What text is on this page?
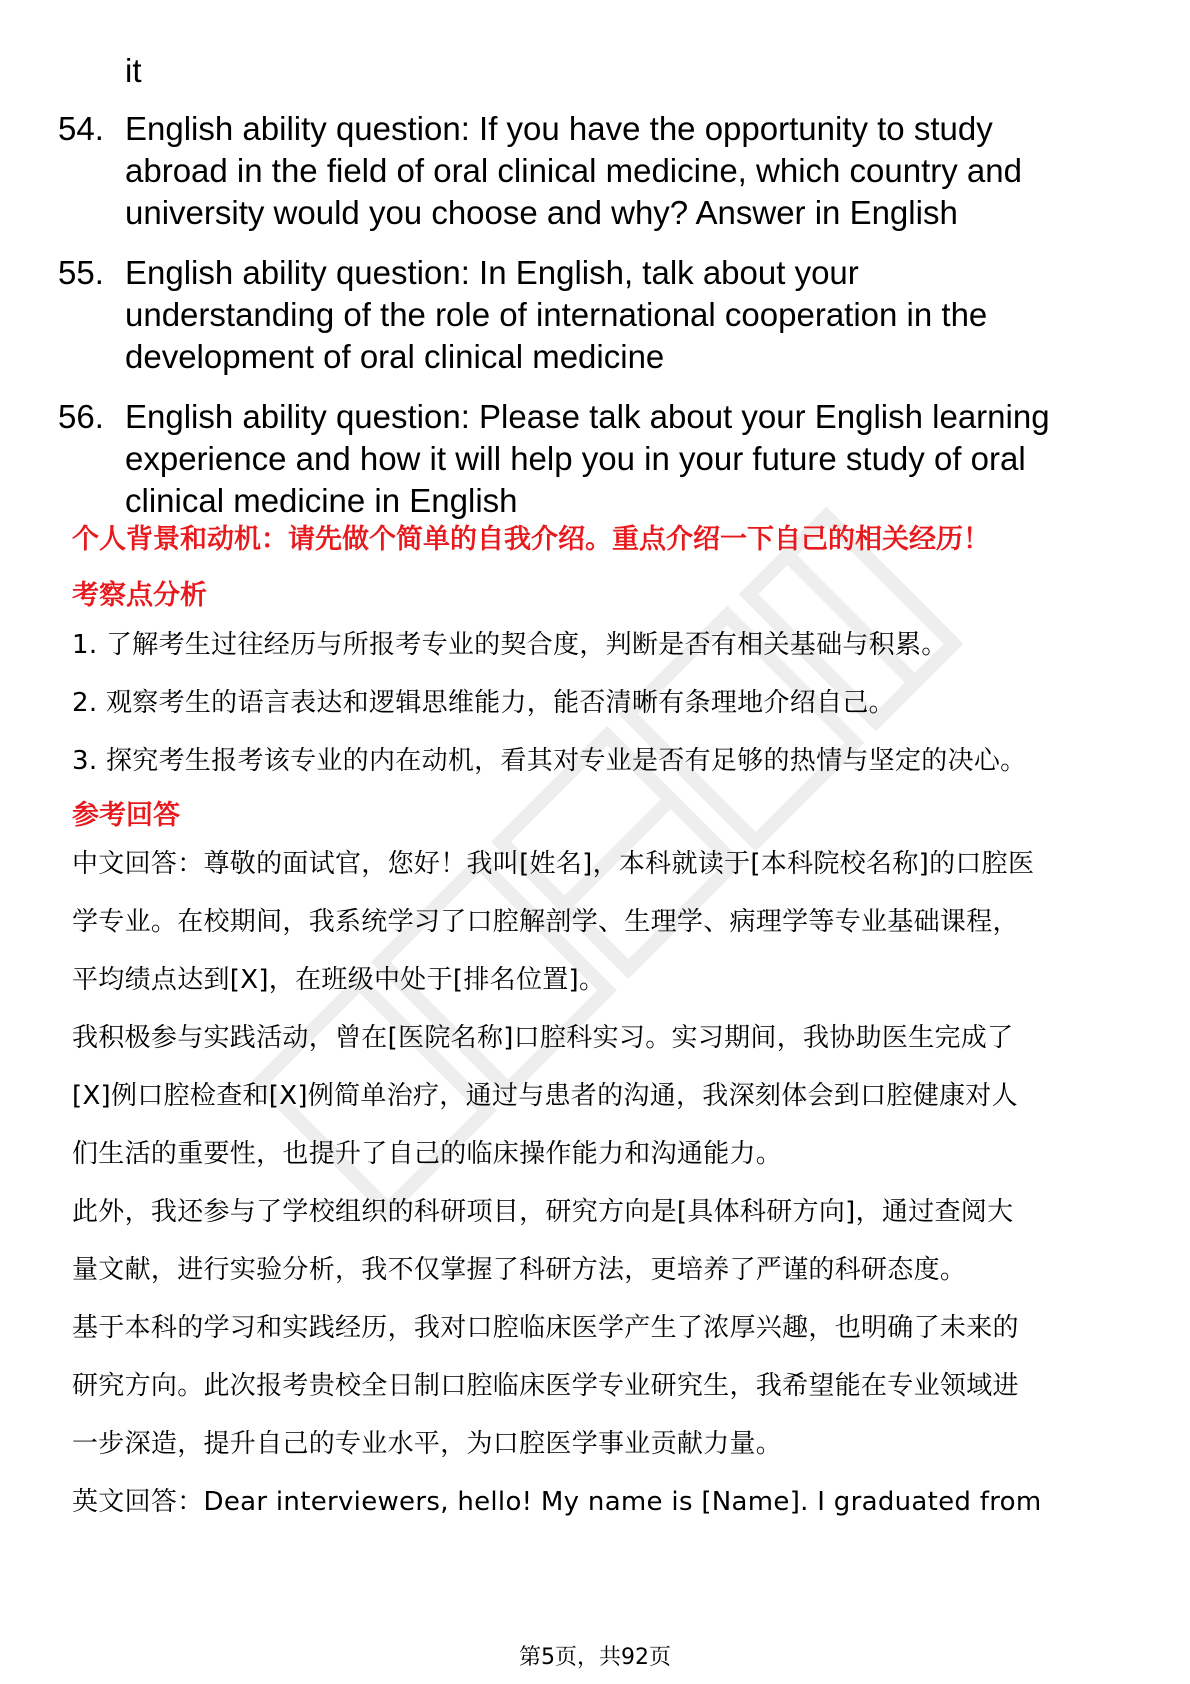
it
54. English ability question: If you have the opportunity to study
abroad in the field of oral clinical medicine, which country and
university would you choose and why? Answer in English
55. English ability question: In English, talk about your
understanding of the role of international cooperation in the
development of oral clinical medicine
56. English ability question: Please talk about your English learning
experience and how it will help you in your future study of oral
clinical medicine in English
个人背景和动机：请先做个简单的自我介绍。重点介绍一下自己的相关经历！
考察点分析
1. 了解考生过往经历与所报考专业的契合度，判断是否有相关基础与积累。
2. 观察考生的语言表达和逻辑思维能力，能否清晰有条理地介绍自己。
3. 探究考生报考该专业的内在动机，看其对专业是否有足够的热情与坚定的决心。
参考回答
中文回答：尊敬的面试官，您好！我叫[姓名]，本科就读于[本科院校名称]的口腔医
学专业。在校期间，我系统学习了口腔解剖学、生理学、病理学等专业基础课程，
平均绩点达到[X]，在班级中处于[排名位置]。
我积极参与实践活动，曾在[医院名称]口腔科实习。实习期间，我协助医生完成了
[X]例口腔检查和[X]例简单治疗，通过与患者的沟通，我深刻体会到口腔健康对人
们生活的重要性，也提升了自己的临床操作能力和沟通能力。
此外，我还参与了学校组织的科研项目，研究方向是[具体科研方向]，通过查阅大
量文献，进行实验分析，我不仅掌握了科研方法，更培养了严谨的科研态度。
基于本科的学习和实践经历，我对口腔临床医学产生了浓厚兴趣，也明确了未来的
研究方向。此次报考贵校全日制口腔临床医学专业研究生，我希望能在专业领域进
一步深造，提升自己的专业水平，为口腔医学事业贡献力量。
英文回答：Dear interviewers, hello! My name is [Name]. I graduated from
第5页，共92页
